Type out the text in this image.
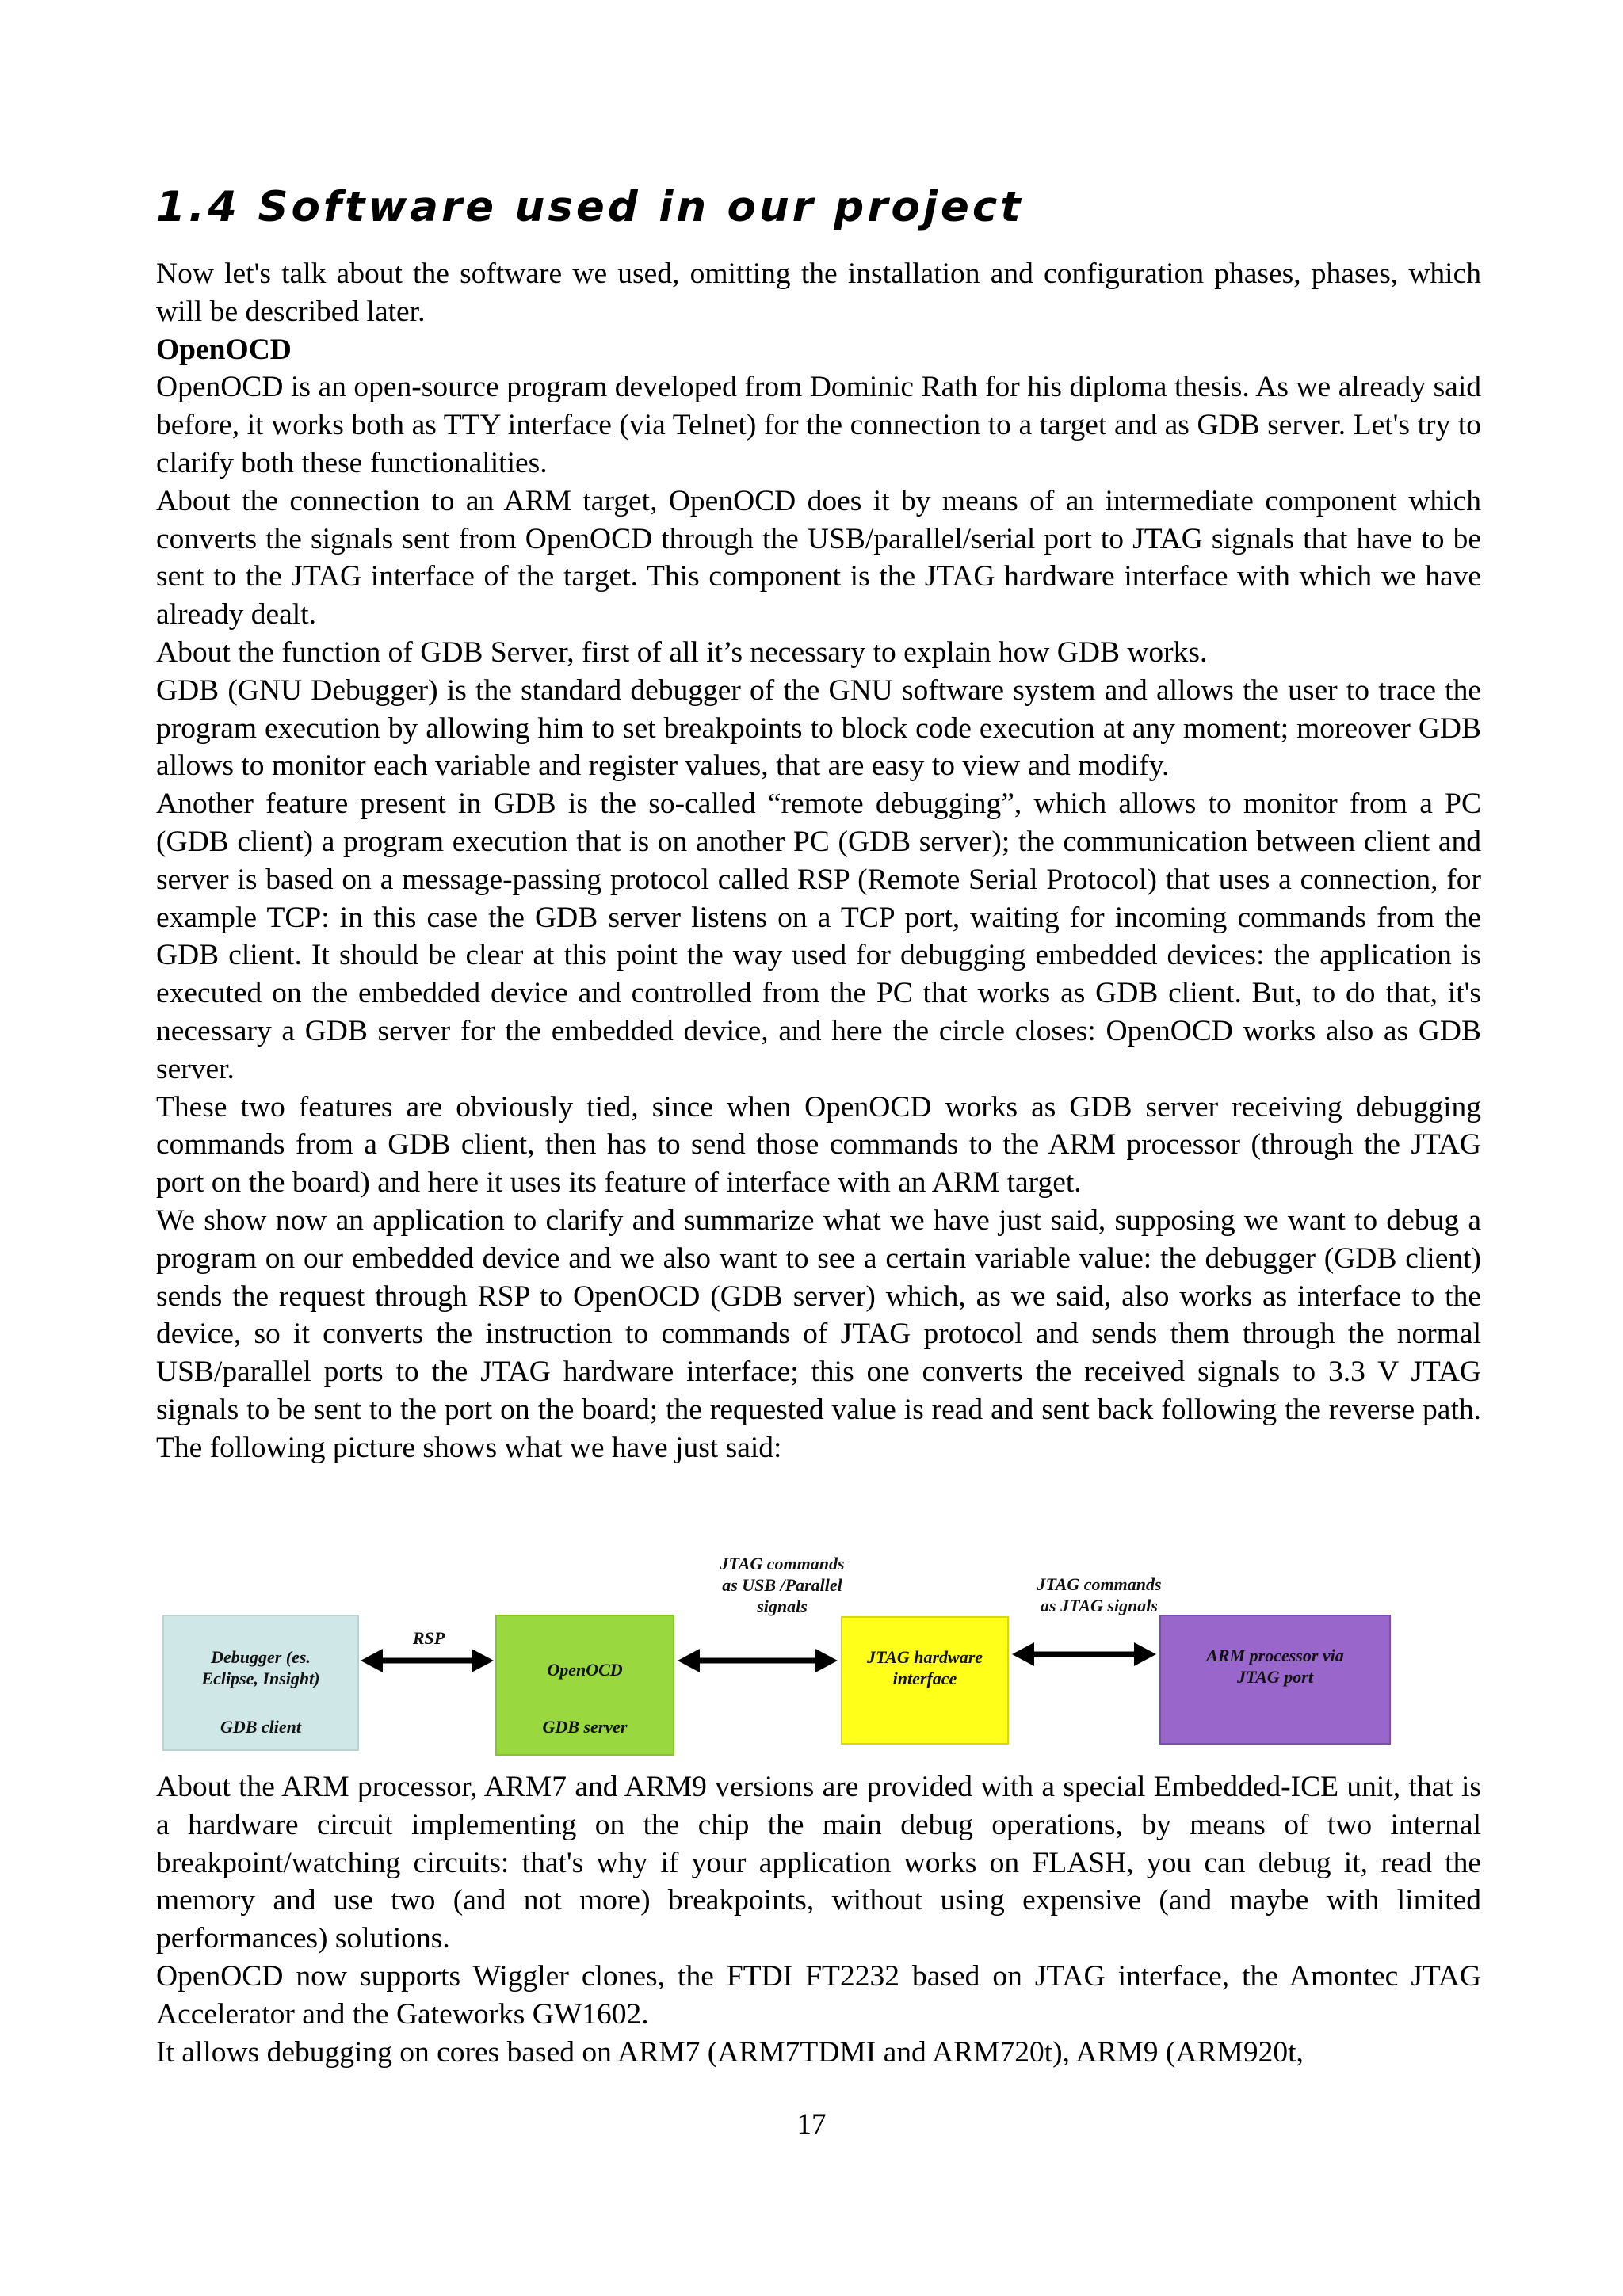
1.4 Software used in our project

Now let's talk about the software we used, omitting the installation and configuration phases, phases, which will be described later.

OpenOCD

OpenOCD is an open-source program developed from Dominic Rath for his diploma thesis. As we already said before, it works both as TTY interface (via Telnet) for the connection to a target and as GDB server. Let's try to clarify both these functionalities.

About the connection to an ARM target, OpenOCD does it by means of an intermediate component which converts the signals sent from OpenOCD through the USB/parallel/serial port to JTAG signals that have to be sent to the JTAG interface of the target. This component is the JTAG hardware interface with which we have already dealt.

About the function of GDB Server, first of all it’s necessary to explain how GDB works.

GDB (GNU Debugger) is the standard debugger of the GNU software system and allows the user to trace the program execution by allowing him to set breakpoints to block code execution at any moment; moreover GDB allows to monitor each variable and register values, that are easy to view and modify.

Another feature present in GDB is the so-called “remote debugging”, which allows to monitor from a PC (GDB client) a program execution that is on another PC (GDB server); the communication between client and server is based on a message-passing protocol called RSP (Remote Serial Protocol) that uses a connection, for example TCP: in this case the GDB server listens on a TCP port, waiting for incoming commands from the GDB client. It should be clear at this point the way used for debugging embedded devices: the application is executed on the embedded device and controlled from the PC that works as GDB client. But, to do that, it's necessary a GDB server for the embedded device, and here the circle closes: OpenOCD works also as GDB server.

These two features are obviously tied, since when OpenOCD works as GDB server receiving debugging commands from a GDB client, then has to send those commands to the ARM processor (through the JTAG port on the board) and here it uses its feature of interface with an ARM target.

We show now an application to clarify and summarize what we have just said, supposing we want to debug a program on our embedded device and we also want to see a certain variable value: the debugger (GDB client) sends the request through RSP to OpenOCD (GDB server) which, as we said, also works as interface to the device, so it converts the instruction to commands of JTAG protocol and sends them through the normal USB/parallel ports to the JTAG hardware interface; this one converts the received signals to 3.3 V JTAG signals to be sent to the port on the board; the requested value is read and sent back following the reverse path. The following picture shows what we have just said:

Debugger (es.
Eclipse, Insight)
GDB client
RSP
OpenOCD
GDB server
JTAG commands
as USB /Parallel
signals
JTAG hardware
interface
JTAG commands
as JTAG signals
ARM processor via
JTAG port

About the ARM processor, ARM7 and ARM9 versions are provided with a special Embedded-ICE unit, that is a hardware circuit implementing on the chip the main debug operations, by means of two internal breakpoint/watching circuits: that's why if your application works on FLASH, you can debug it, read the memory and use two (and not more) breakpoints, without using expensive (and maybe with limited performances) solutions.

OpenOCD now supports Wiggler clones, the FTDI FT2232 based on JTAG interface, the Amontec JTAG Accelerator and the Gateworks GW1602.

It allows debugging on cores based on ARM7 (ARM7TDMI and ARM720t), ARM9 (ARM920t,

17
